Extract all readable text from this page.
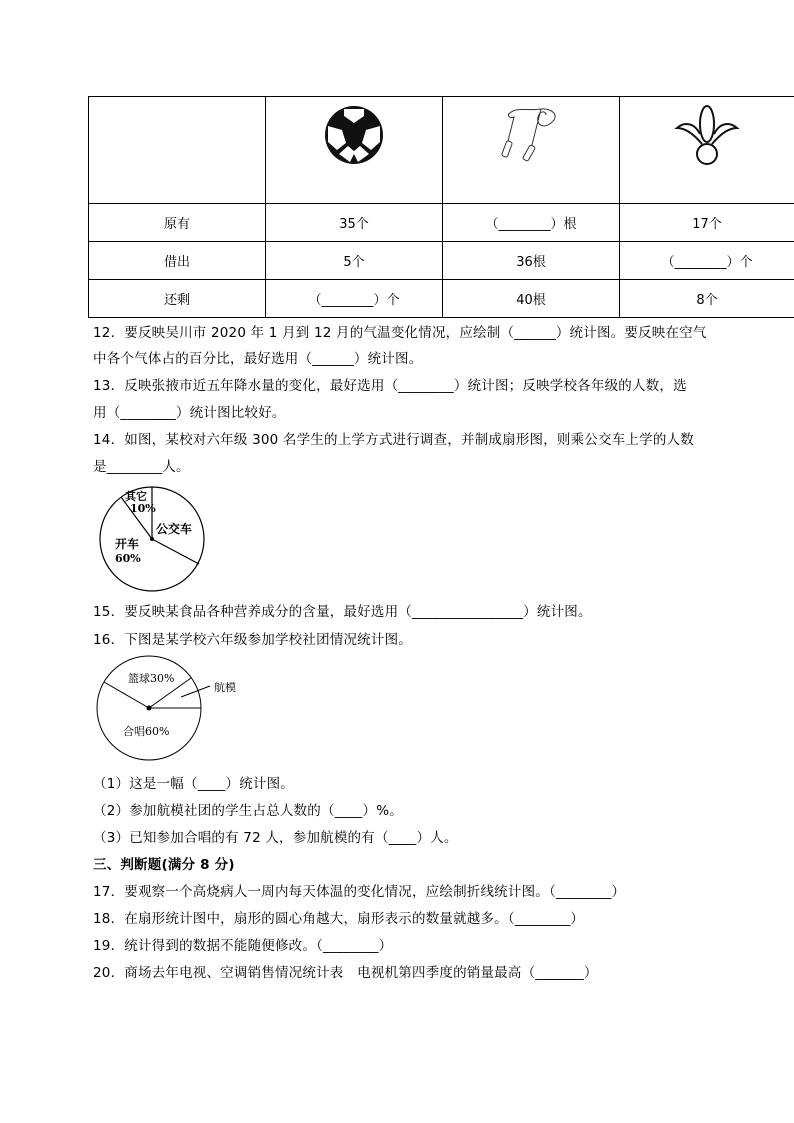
原有	35个	（________）根	17个
借出	5个	36根	（________）个
还剩	（________）个	40根	8个
12．要反映吴川市 2020 年 1 月到 12 月的气温变化情况，应绘制（______）统计图。要反映在空气
中各个气体占的百分比，最好选用（______）统计图。
13．反映张掖市近五年降水量的变化，最好选用（________）统计图；反映学校各年级的人数，选
用（________）统计图比较好。
14．如图，某校对六年级 300 名学生的上学方式进行调查，并制成扇形图，则乘公交车上学的人数
是________人。
其它
10%
公交车
开车
60%
15．要反映某食品各种营养成分的含量，最好选用（________________）统计图。
16．下图是某学校六年级参加学校社团情况统计图。
篮球30%
航模
合唱60%
（1）这是一幅（____）统计图。
（2）参加航模社团的学生占总人数的（____）%。
（3）已知参加合唱的有 72 人，参加航模的有（____）人。
三、判断题(满分 8 分)
17．要观察一个高烧病人一周内每天体温的变化情况，应绘制折线统计图。（________）
18．在扇形统计图中，扇形的圆心角越大，扇形表示的数量就越多。（________）
19．统计得到的数据不能随便修改。（________）
20．商场去年电视、空调销售情况统计表　电视机第四季度的销量最高（_______）
